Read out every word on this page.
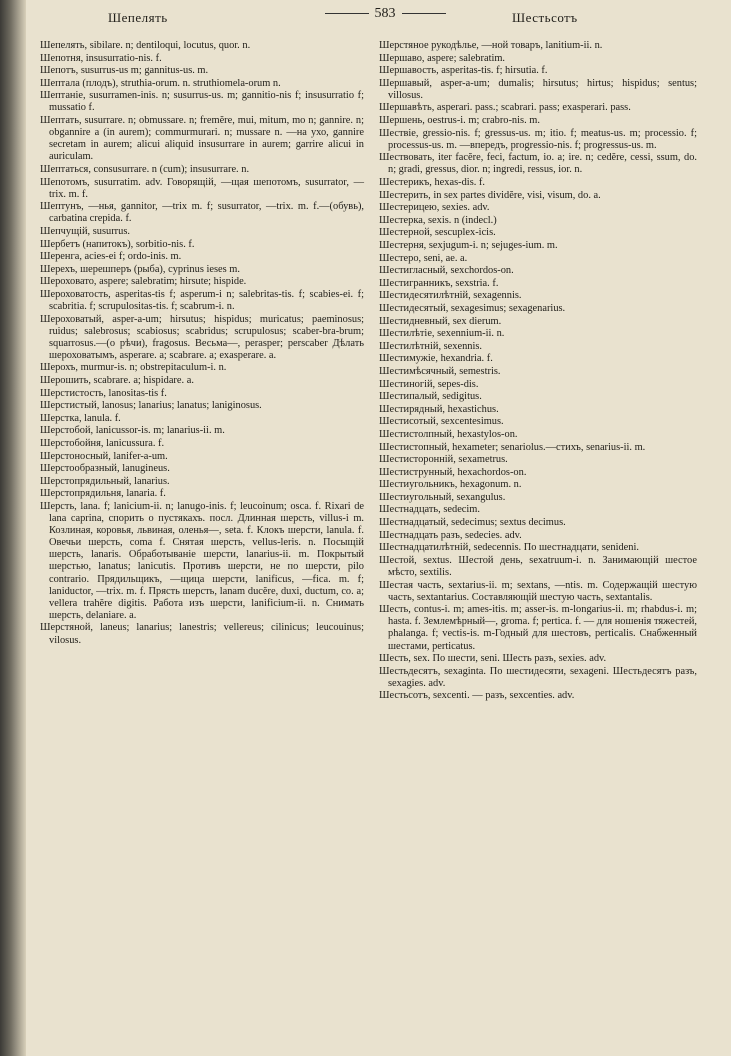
Шепелять	583	Шестьсотъ
Шепелять, sibilare. n; dentiloqui, locutus, quor. n.
Шепотня, insusurratio-nis. f.
Шепотъ, susurrus-us m; gannitus-us. m.
Шептала (плодъ), struthia-orum. n. struthiomela-orum n.
Шептаніе, susurramen-inis. n; susurrus-us. m; gannitio-nis f; insusurratio f; mussatio f.
Шептать, susurrare. n; obmussare. n; fremĕre, mui, mitum, mo n; gannire. n; obgannire a (in aurem); commurmurari. n; mussare n. —на ухо, gannire secretam in aurem; alicui aliquid insusurrare in aurem; garrire alicui in auriculam.
Шептаться, consusurrare. n (cum); insusurrare. n.
Шепотомъ, susurratim. adv. Говорящій, —щая шепотомъ, susurrator, —trix. m. f.
Шептунъ, —нья, gannitor, —trix m. f; susurrator, —trix. m. f.—(обувь), carbatina crepida. f.
Шепчущій, susurrus.
Шербетъ (напитокъ), sorbitio-nis. f.
Шеренга, acies-ei f; ordo-inis. m.
Шерехъ, шерешперъ (рыба), cyprinus ieses m.
Шероховато, aspere; salebratim; hirsute; hispide.
Шероховатость, asperitas-tis f; asperum-i n; salebritas-tis. f; scabies-ei. f; scabritia. f; scrupulositas-tis. f; scabrum-i. n.
Шероховатый, asper-a-um; hirsutus; hispidus; muricatus; paeminosus; ruidus; salebrosus; scabiosus; scabridus; scrupulosus; scaber-bra-brum; squarrosus.—(о рѣчи), fragosus. Весьма—, perasper; perscaber Дѣлать шероховатымъ, asperare. a; scabrare. a; exasperare. a.
Шерохъ, murmur-is. n; obstrepitaculum-i. n.
Шерошить, scabrare. a; hispidare. a.
Шерстистость, lanositas-tis f.
Шерстистый, lanosus; lanarius; lanatus; laniginosus.
Шерстка, lanula. f.
Шерстобой, lanicussor-is. m; lanarius-ii. m.
Шерстобойня, lanicussura. f.
Шерстоносный, lanifer-a-um.
Шерстообразный, lanugineus.
Шерстопрядильный, lanarius.
Шерстопрядильня, lanaria. f.
Шерсть, lana. f; lanicium-ii. n; lanugo-inis. f; leucoinum; osca. f. Rixari de lana caprina, спорить о пустякахъ. посл. Длинная шерсть, villus-i m. Козлиная, коровья, львиная, оленья—, seta. f. Клокъ шерсти, lanula. f. Овечьи шерсть, coma f. Снятая шерсть, vellus-leris. n. Посыщій шерсть, lanaris. Обработываніе шерсти, lanarius-ii. m. Покрытый шерстью, lanatus; lanicutis. Противъ шерсти, не по шерсти, pilo contrario. Прядильщикъ, —щица шерсти, lanificus, —fica. m. f; laniductor, —trix. m. f. Прясть шерсть, lanam ducĕre, duxi, ductum, co. a; vellera trahĕre digitis. Работа изъ шерсти, lanificium-ii. n. Снимать шерсть, delaniare. a.
Шерстяной, laneus; lanarius; lanestris; vellereus; cilinicus; leucouinus; vilosus.
Шерстяное рукодѣлье, —ной товаръ, lanitium-ii. n.
Шершаво, aspere; salebratim.
Шершавость, asperitas-tis. f; hirsutia. f.
Шершавый, asper-a-um; dumalis; hirsutus; hirtus; hispidus; sentus; villosus.
Шершавѣть, asperari. pass.; scabrari. pass; exasperari. pass.
Шершень, oestrus-i. m; crabro-nis. m.
Шествіе, gressio-nis. f; gressus-us. m; itio. f; meatus-us. m; processio. f; processus-us. m. —впередъ, progressio-nis. f; progressus-us. m.
Шествовать, iter facĕre, feci, factum, io. a; ire. n; cedĕre, cessi, ssum, do. n; gradi, gressus, dior. n; ingredi, ressus, ior. n.
Шестерикъ, hexas-dis. f.
Шестерить, in sex partes dividĕre, visi, visum, do. a.
Шестерицею, sexies. adv.
Шестерка, sexis. n (indecl.)
Шестерной, sescuplex-icis.
Шестерня, sexjugum-i. n; sejuges-ium. m.
Шестеро, seni, ae. a.
Шестигласный, sexchordos-on.
Шестигранникъ, sexstria. f.
Шестидесятилѣтній, sexagennis.
Шестидесятый, sexagesimus; sexagenarius.
Шестидневный, sex dierum.
Шестилѣтіе, sexennium-ii. n.
Шестилѣтній, sexennis.
Шестимужіе, hexandria. f.
Шестимѣсячный, semestris.
Шестиногій, sepes-dis.
Шестипалый, sedigitus.
Шестирядный, hexastichus.
Шестисотый, sexcentesimus.
Шестистолпный, hexastylos-on.
Шестистопный, hexameter; senariolus.—стихъ, senarius-ii. m.
Шестисторонній, sexametrus.
Шестиструнный, hexachordos-on.
Шестиугольникъ, hexagonum. n.
Шестиугольный, sexangulus.
Шестнадцать, sedecim.
Шестнадцатый, sedecimus; sextus decimus.
Шестнадцать разъ, sedecies. adv.
Шестнадцатилѣтній, sedecennis. По шестнадцати, senideni.
Шестой, sextus. Шестой день, sexatruum-i. n. Занимающій шестое мѣсто, sextilis.
Шестая часть, sextarius-ii. m; sextans, —ntis. m. Содержащій шестую часть, sextantarius. Составляющій шестую часть, sextantalis.
Шесть, contus-i. m; ames-itis. m; asser-is. m-longarius-ii. m; rhabdus-i. m; hasta. f. Землемѣрный—, groma. f; pertica. f. — для ношенія тяжестей, phalanga. f; vectis-is. m-Годный для шестовъ, perticalis. Снабженный шестами, perticatus.
Шесть, sex. По шести, seni. Шесть разъ, sexies. adv.
Шестьдесятъ, sexaginta. По шестидесяти, sexageni. Шестьдесятъ разъ, sexagies. adv.
Шестьсотъ, sexcenti. — разъ, sexcenties. adv.
